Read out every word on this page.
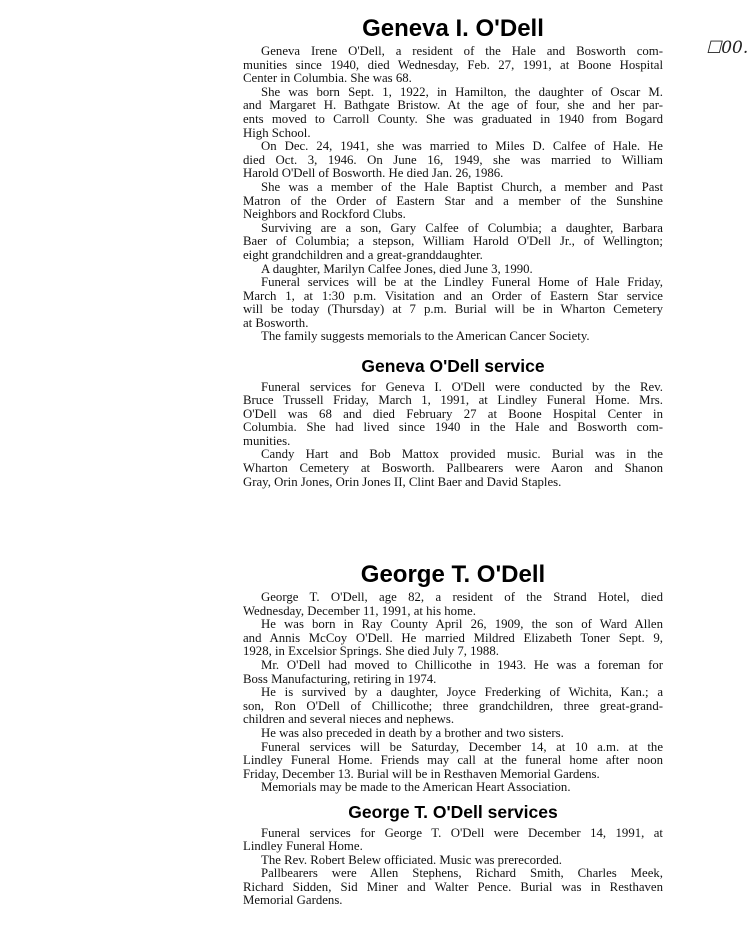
☐00.
Geneva I. O'Dell
Geneva Irene O'Dell, a resident of the Hale and Bosworth com-
munities since 1940, died Wednesday, Feb. 27, 1991, at Boone Hospital
Center in Columbia. She was 68.
She was born Sept. 1, 1922, in Hamilton, the daughter of Oscar M.
and Margaret H. Bathgate Bristow. At the age of four, she and her par-
ents moved to Carroll County. She was graduated in 1940 from Bogard
High School.
On Dec. 24, 1941, she was married to Miles D. Calfee of Hale. He
died Oct. 3, 1946. On June 16, 1949, she was married to William
Harold O'Dell of Bosworth. He died Jan. 26, 1986.
She was a member of the Hale Baptist Church, a member and Past
Matron of the Order of Eastern Star and a member of the Sunshine
Neighbors and Rockford Clubs.
Surviving are a son, Gary Calfee of Columbia; a daughter, Barbara
Baer of Columbia; a stepson, William Harold O'Dell Jr., of Wellington;
eight grandchildren and a great-granddaughter.
A daughter, Marilyn Calfee Jones, died June 3, 1990.
Funeral services will be at the Lindley Funeral Home of Hale Friday,
March 1, at 1:30 p.m. Visitation and an Order of Eastern Star service
will be today (Thursday) at 7 p.m. Burial will be in Wharton Cemetery
at Bosworth.
The family suggests memorials to the American Cancer Society.
Geneva O'Dell service
Funeral services for Geneva I. O'Dell were conducted by the Rev.
Bruce Trussell Friday, March 1, 1991, at Lindley Funeral Home. Mrs.
O'Dell was 68 and died February 27 at Boone Hospital Center in
Columbia. She had lived since 1940 in the Hale and Bosworth com-
munities.
Candy Hart and Bob Mattox provided music. Burial was in the
Wharton Cemetery at Bosworth. Pallbearers were Aaron and Shanon
Gray, Orin Jones, Orin Jones II, Clint Baer and David Staples.
George T. O'Dell
George T. O'Dell, age 82, a resident of the Strand Hotel, died
Wednesday, December 11, 1991, at his home.
He was born in Ray County April 26, 1909, the son of Ward Allen
and Annis McCoy O'Dell. He married Mildred Elizabeth Toner Sept. 9,
1928, in Excelsior Springs. She died July 7, 1988.
Mr. O'Dell had moved to Chillicothe in 1943. He was a foreman for
Boss Manufacturing, retiring in 1974.
He is survived by a daughter, Joyce Frederking of Wichita, Kan.; a
son, Ron O'Dell of Chillicothe; three grandchildren, three great-grand-
children and several nieces and nephews.
He was also preceded in death by a brother and two sisters.
Funeral services will be Saturday, December 14, at 10 a.m. at the
Lindley Funeral Home. Friends may call at the funeral home after noon
Friday, December 13. Burial will be in Resthaven Memorial Gardens.
Memorials may be made to the American Heart Association.
George T. O'Dell services
Funeral services for George T. O'Dell were December 14, 1991, at
Lindley Funeral Home.
The Rev. Robert Belew officiated. Music was prerecorded.
Pallbearers were Allen Stephens, Richard Smith, Charles Meek,
Richard Sidden, Sid Miner and Walter Pence. Burial was in Resthaven
Memorial Gardens.
